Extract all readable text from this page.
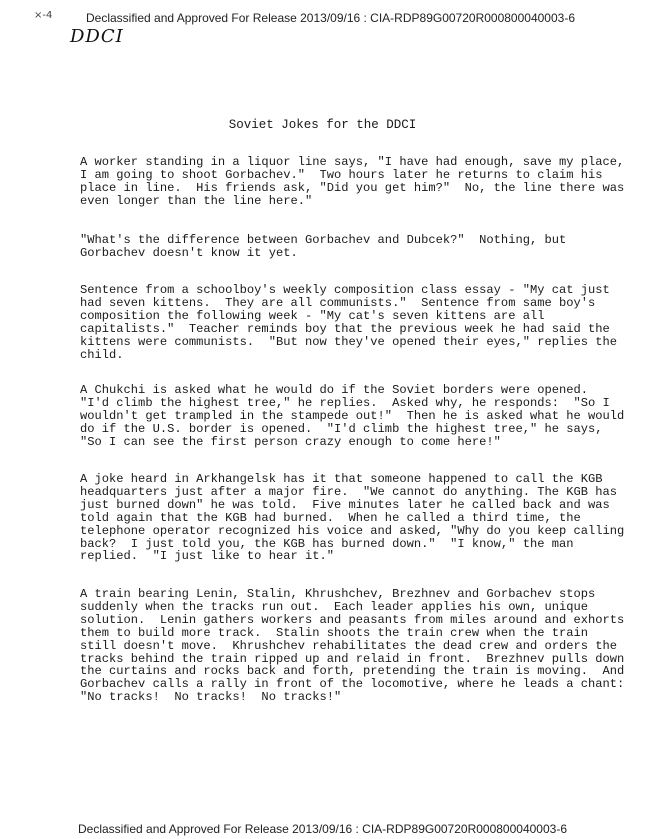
×-4	Declassified and Approved For Release 2013/09/16 : CIA-RDP89G00720R000800040003-6
DDCI
Soviet Jokes for the DDCI
A worker standing in a liquor line says, "I have had enough, save my place,
I am going to shoot Gorbachev."  Two hours later he returns to claim his
place in line.  His friends ask, "Did you get him?"  No, the line there was
even longer than the line here."
"What's the difference between Gorbachev and Dubcek?"  Nothing, but
Gorbachev doesn't know it yet.
Sentence from a schoolboy's weekly composition class essay - "My cat just
had seven kittens.  They are all communists."  Sentence from same boy's
composition the following week - "My cat's seven kittens are all
capitalists."  Teacher reminds boy that the previous week he had said the
kittens were communists.  "But now they've opened their eyes," replies the
child.
A Chukchi is asked what he would do if the Soviet borders were opened.
"I'd climb the highest tree," he replies.  Asked why, he responds:  "So I
wouldn't get trampled in the stampede out!"  Then he is asked what he would
do if the U.S. border is opened.  "I'd climb the highest tree," he says,
"So I can see the first person crazy enough to come here!"
A joke heard in Arkhangelsk has it that someone happened to call the KGB
headquarters just after a major fire.  "We cannot do anything. The KGB has
just burned down" he was told.  Five minutes later he called back and was
told again that the KGB had burned.  When he called a third time, the
telephone operator recognized his voice and asked, "Why do you keep calling
back?  I just told you, the KGB has burned down."  "I know," the man
replied.  "I just like to hear it."
A train bearing Lenin, Stalin, Khrushchev, Brezhnev and Gorbachev stops
suddenly when the tracks run out.  Each leader applies his own, unique
solution.  Lenin gathers workers and peasants from miles around and exhorts
them to build more track.  Stalin shoots the train crew when the train
still doesn't move.  Khrushchev rehabilitates the dead crew and orders the
tracks behind the train ripped up and relaid in front.  Brezhnev pulls down
the curtains and rocks back and forth, pretending the train is moving.  And
Gorbachev calls a rally in front of the locomotive, where he leads a chant:
"No tracks!  No tracks!  No tracks!"
Declassified and Approved For Release 2013/09/16 : CIA-RDP89G00720R000800040003-6
